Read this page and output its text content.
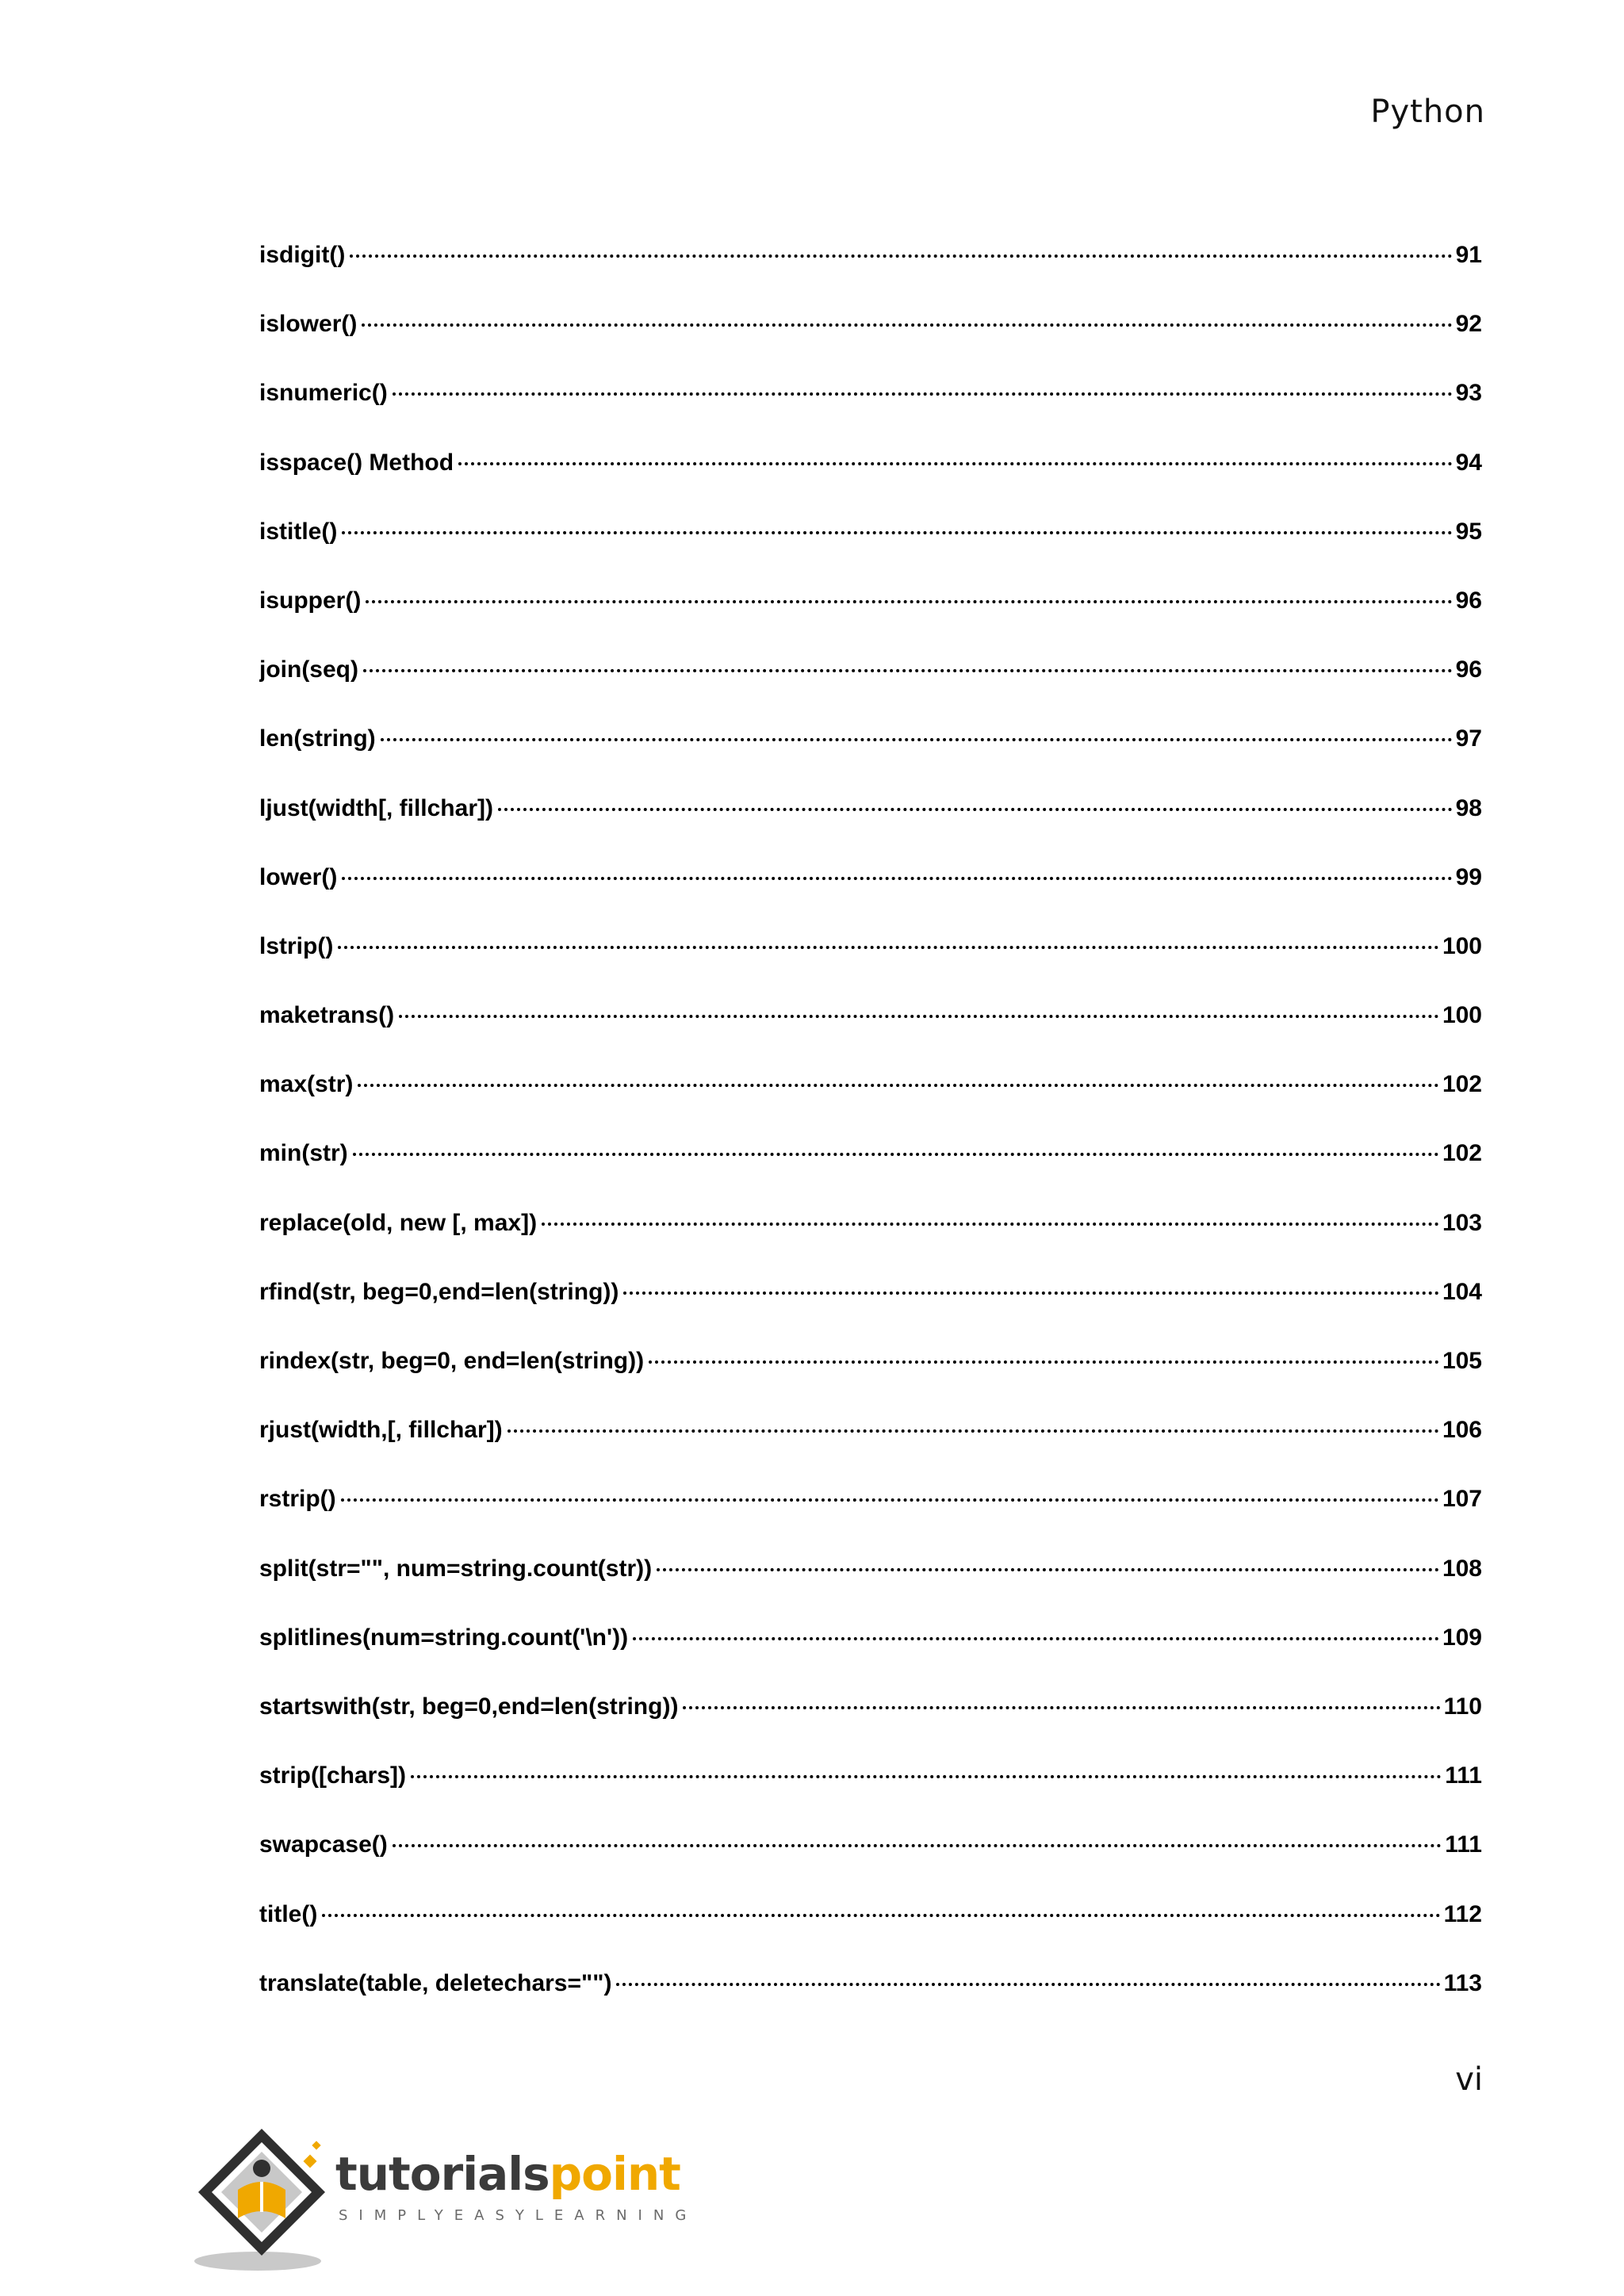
Python
isdigit()	91
islower()	92
isnumeric()	93
isspace() Method	94
istitle()	95
isupper()	96
join(seq)	96
len(string)	97
ljust(width[, fillchar])	98
lower()	99
lstrip()	100
maketrans()	100
max(str)	102
min(str)	102
replace(old, new [, max])	103
rfind(str, beg=0,end=len(string))	104
rindex(str, beg=0, end=len(string))	105
rjust(width,[, fillchar])	106
rstrip()	107
split(str="", num=string.count(str))	108
splitlines(num=string.count('\n'))	109
startswith(str, beg=0,end=len(string))	110
strip([chars])	111
swapcase()	111
title()	112
translate(table, deletechars="")	113
vi
tutorialspoint
SIMPLYEASYLEARNING
